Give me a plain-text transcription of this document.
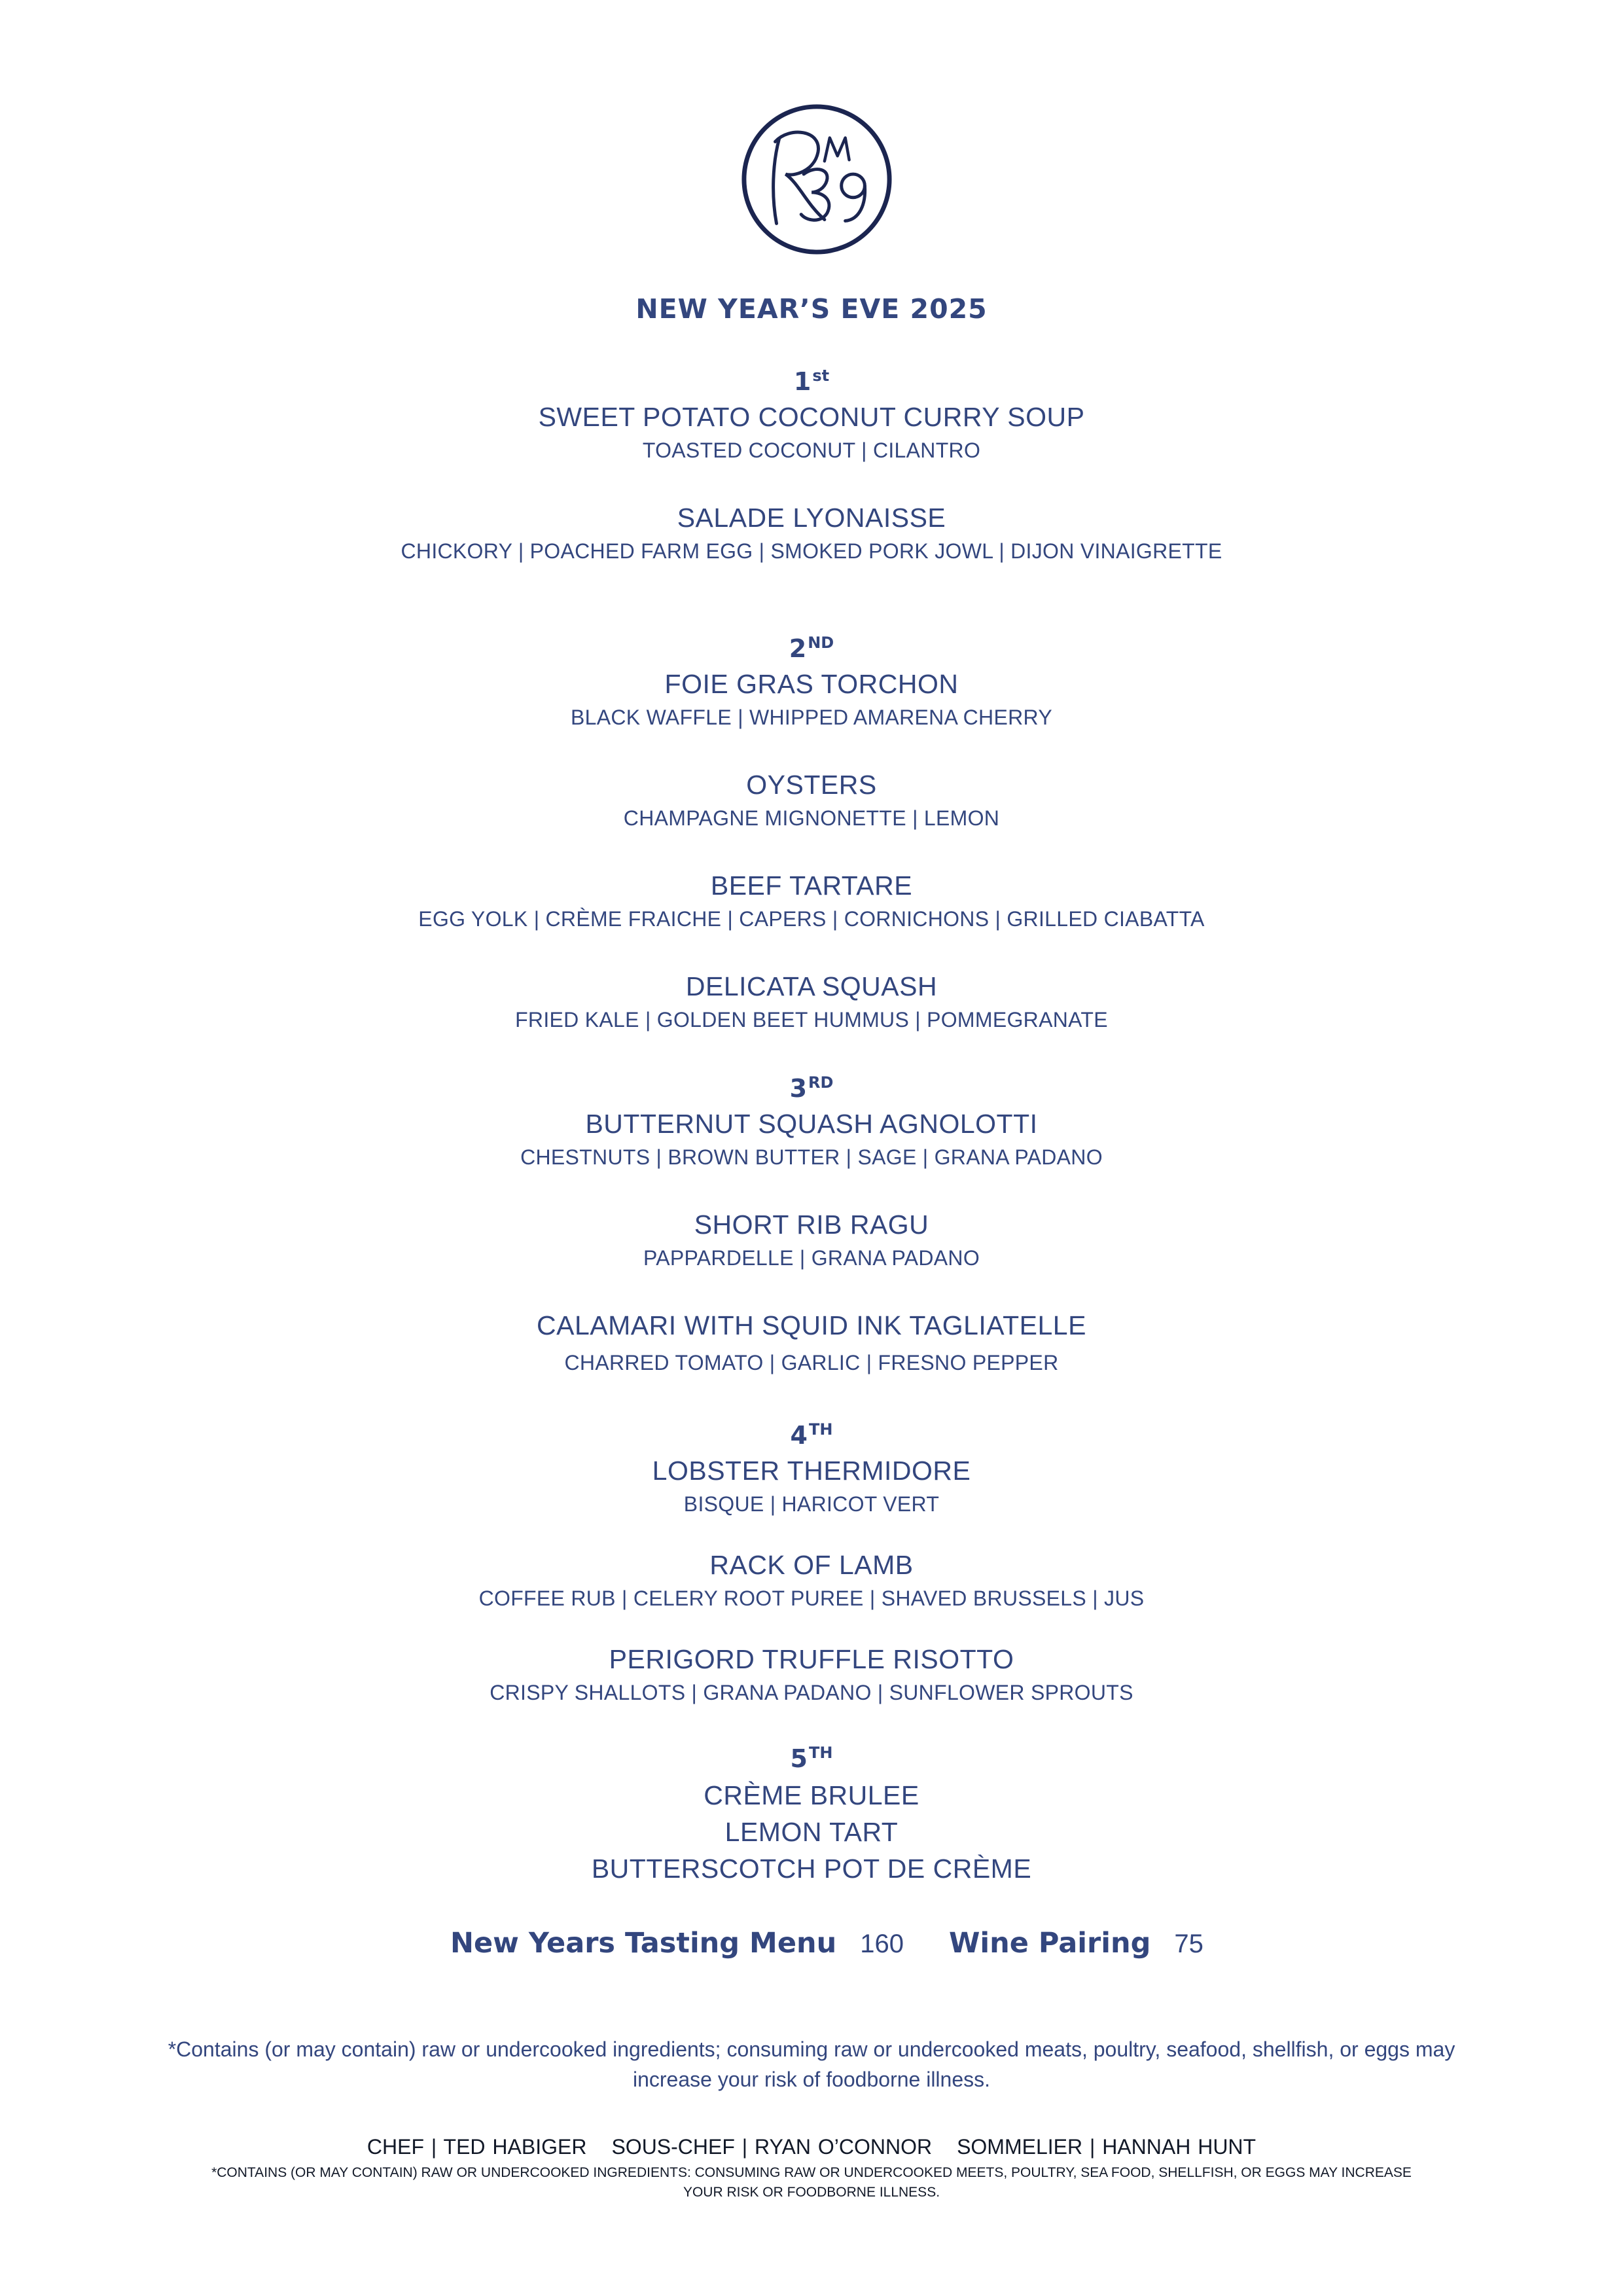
NEW YEAR’S EVE 2025
1st
SWEET POTATO COCONUT CURRY SOUP
TOASTED COCONUT | CILANTRO
SALADE LYONAISSE
CHICKORY | POACHED FARM EGG | SMOKED PORK JOWL | DIJON VINAIGRETTE
2ND
FOIE GRAS TORCHON
BLACK WAFFLE | WHIPPED AMARENA CHERRY
OYSTERS
CHAMPAGNE MIGNONETTE | LEMON
BEEF TARTARE
EGG YOLK | CRÈME FRAICHE | CAPERS | CORNICHONS | GRILLED CIABATTA
DELICATA SQUASH
FRIED KALE | GOLDEN BEET HUMMUS | POMMEGRANATE
3RD
BUTTERNUT SQUASH AGNOLOTTI
CHESTNUTS | BROWN BUTTER | SAGE | GRANA PADANO
SHORT RIB RAGU
PAPPARDELLE | GRANA PADANO
CALAMARI WITH SQUID INK TAGLIATELLE
CHARRED TOMATO | GARLIC | FRESNO PEPPER
4TH
LOBSTER THERMIDORE
BISQUE | HARICOT VERT
RACK OF LAMB
COFFEE RUB | CELERY ROOT PUREE | SHAVED BRUSSELS | JUS
PERIGORD TRUFFLE RISOTTO
CRISPY SHALLOTS | GRANA PADANO | SUNFLOWER SPROUTS
5TH
CRÈME BRULEE
LEMON TART
BUTTERSCOTCH POT DE CRÈME
New Years Tasting Menu 160 Wine Pairing 75
*Contains (or may contain) raw or undercooked ingredients; consuming raw or undercooked meats, poultry, seafood, shellfish, or eggs may
increase your risk of foodborne illness.
CHEF | TED HABIGER SOUS-CHEF | RYAN O’CONNOR SOMMELIER | HANNAH HUNT
*CONTAINS (OR MAY CONTAIN) RAW OR UNDERCOOKED INGREDIENTS: CONSUMING RAW OR UNDERCOOKED MEETS, POULTRY, SEA FOOD, SHELLFISH, OR EGGS MAY INCREASE
YOUR RISK OR FOODBORNE ILLNESS.
